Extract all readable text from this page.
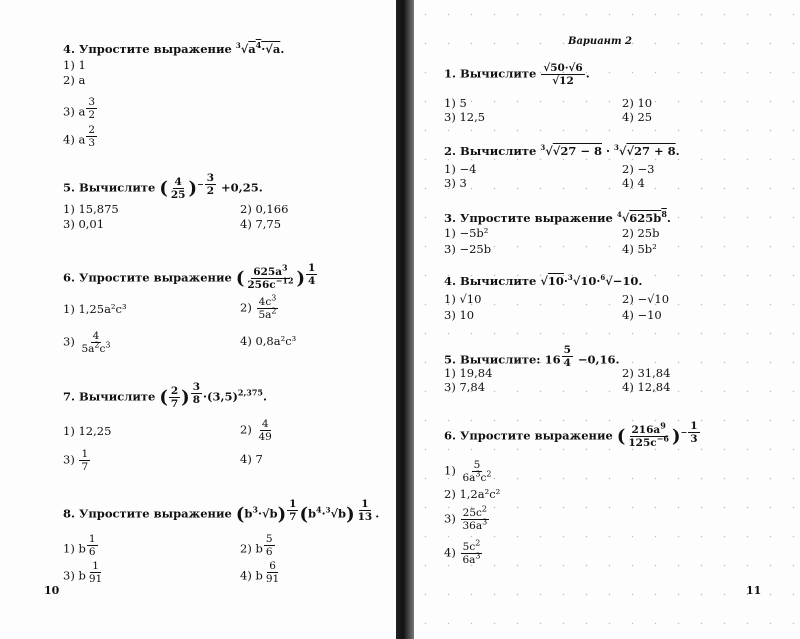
4. Упростите выражение $^3√a^4\cdot√a$.
1) 1
2) a
3) a $^{\frac{3}{2}}$
4) a $^{\frac{2}{3}}$
5. Вычислите ( $\frac{4}{25} )^{- \frac{3}{2}} +0,25$.
1) 15,875	2) 0,166
3) 0,01	4) 7,75
6. Упростите выражение ( $\frac{625a^3}{256c^{-12}}$ ) $^{\frac{1}{4}}$
1) 1,25a²c³	$2) \frac{4c^3}{5a^2}$
$3) \frac{4}{5a^2c^3}$	4) 0,8a²c³
7. Вычислите ( $\frac{2}{7}$ ) $^{\frac{3}{8}} \cdot(3,5)^{2,375}$.
1) 12,25	$2) \frac{4}{49}$
$3) \frac{1}{7}$	4) 7
8. Упростите выражение $(b^3\cdot√b)$ $^{\frac{1}{7}}$ $(b^4\cdot^3√b)$ $^{\frac{1}{13}}$ .
1) b $^{\frac{1}{6}}$	2) b $^{\frac{5}{6}}$
3) b $^{\frac{1}{91}}$	4) b $^{\frac{6}{91}}$
10
Вариант 2
1. Вычислите $\frac{√50\cdot√6}{√12}$ .
1) 5	2) 10
3) 12,5	4) 25
2. Вычислите $^3$√√27 − 8 · $^3$√√27 + 8.
1) −4	2) −3
3) 3	4) 4
3. Упростите выражение $^4√625b^8$.
1) −5b²	2) 25b
3) −25b	4) 5b²
4. Вычислите √10·$^3$√10·$^6$√−10.
1) √10	2) −√10
3) 10	4) −10
5. Вычислите: 16 $^{\frac{5}{4}}$ −0,16.
1) 19,84	2) 31,84
3) 7,84	4) 12,84
6. Упростите выражение ( $\frac{216a^9}{125c^{-6}} )^{- \frac{1}{3}}$
$1) \frac{5}{6a^3c^2}$
2) 1,2a²c²
$3) \frac{25c^2}{36a^3}$
$4) \frac{5c^2}{6a^3}$
11
